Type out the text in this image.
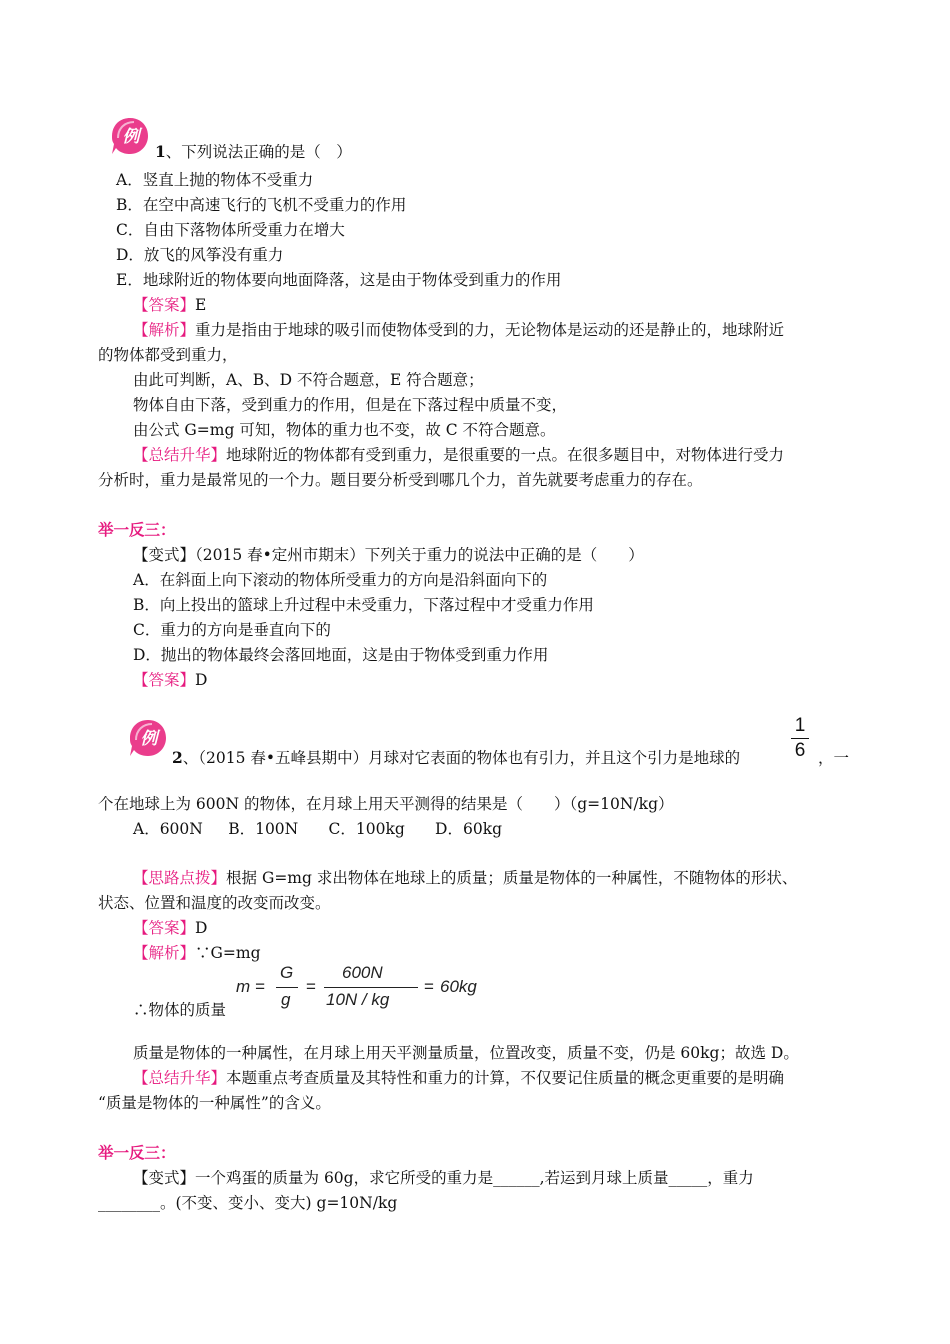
例
1、下列说法正确的是（　）
A．竖直上抛的物体不受重力
B．在空中高速飞行的飞机不受重力的作用
C．自由下落物体所受重力在增大
D．放飞的风筝没有重力
E．地球附近的物体要向地面降落，这是由于物体受到重力的作用
【答案】E
【解析】重力是指由于地球的吸引而使物体受到的力，无论物体是运动的还是静止的，地球附近
的物体都受到重力，
由此可判断，A、B、D 不符合题意，E 符合题意；
物体自由下落，受到重力的作用，但是在下落过程中质量不变，
由公式 G=mg 可知，物体的重力也不变，故 C 不符合题意。
【总结升华】地球附近的物体都有受到重力，是很重要的一点。在很多题目中，对物体进行受力
分析时，重力是最常见的一个力。题目要分析受到哪几个力，首先就要考虑重力的存在。
举一反三：
【变式】（2015 春•定州市期末）下列关于重力的说法中正确的是（　　）
A．在斜面上向下滚动的物体所受重力的方向是沿斜面向下的
B．向上投出的篮球上升过程中未受重力，下落过程中才受重力作用
C．重力的方向是垂直向下的
D．抛出的物体最终会落回地面，这是由于物体受到重力作用
【答案】D
例
2、（2015 春•五峰县期中）月球对它表面的物体也有引力，并且这个引力是地球的
1
6 ，一
个在地球上为 600N 的物体，在月球上用天平测得的结果是（　　）（g=10N/kg）
A．600N　  B．100N　   C．100kg　   D．60kg
【思路点拨】根据 G=mg 求出物体在地球上的质量；质量是物体的一种属性，不随物体的形状、
状态、位置和温度的改变而改变。
【答案】D
【解析】∵G=mg
∴物体的质量
m =
G
g
=
600N
10N / kg
= 60kg
质量是物体的一种属性，在月球上用天平测量质量，位置改变，质量不变，仍是 60kg；故选 D。
【总结升华】本题重点考查质量及其特性和重力的计算，不仅要记住质量的概念更重要的是明确
“质量是物体的一种属性”的含义。
举一反三：
【变式】一个鸡蛋的质量为 60g，求它所受的重力是______,若运到月球上质量_____，重力
________。(不变、变小、变大) g=10N/kg
